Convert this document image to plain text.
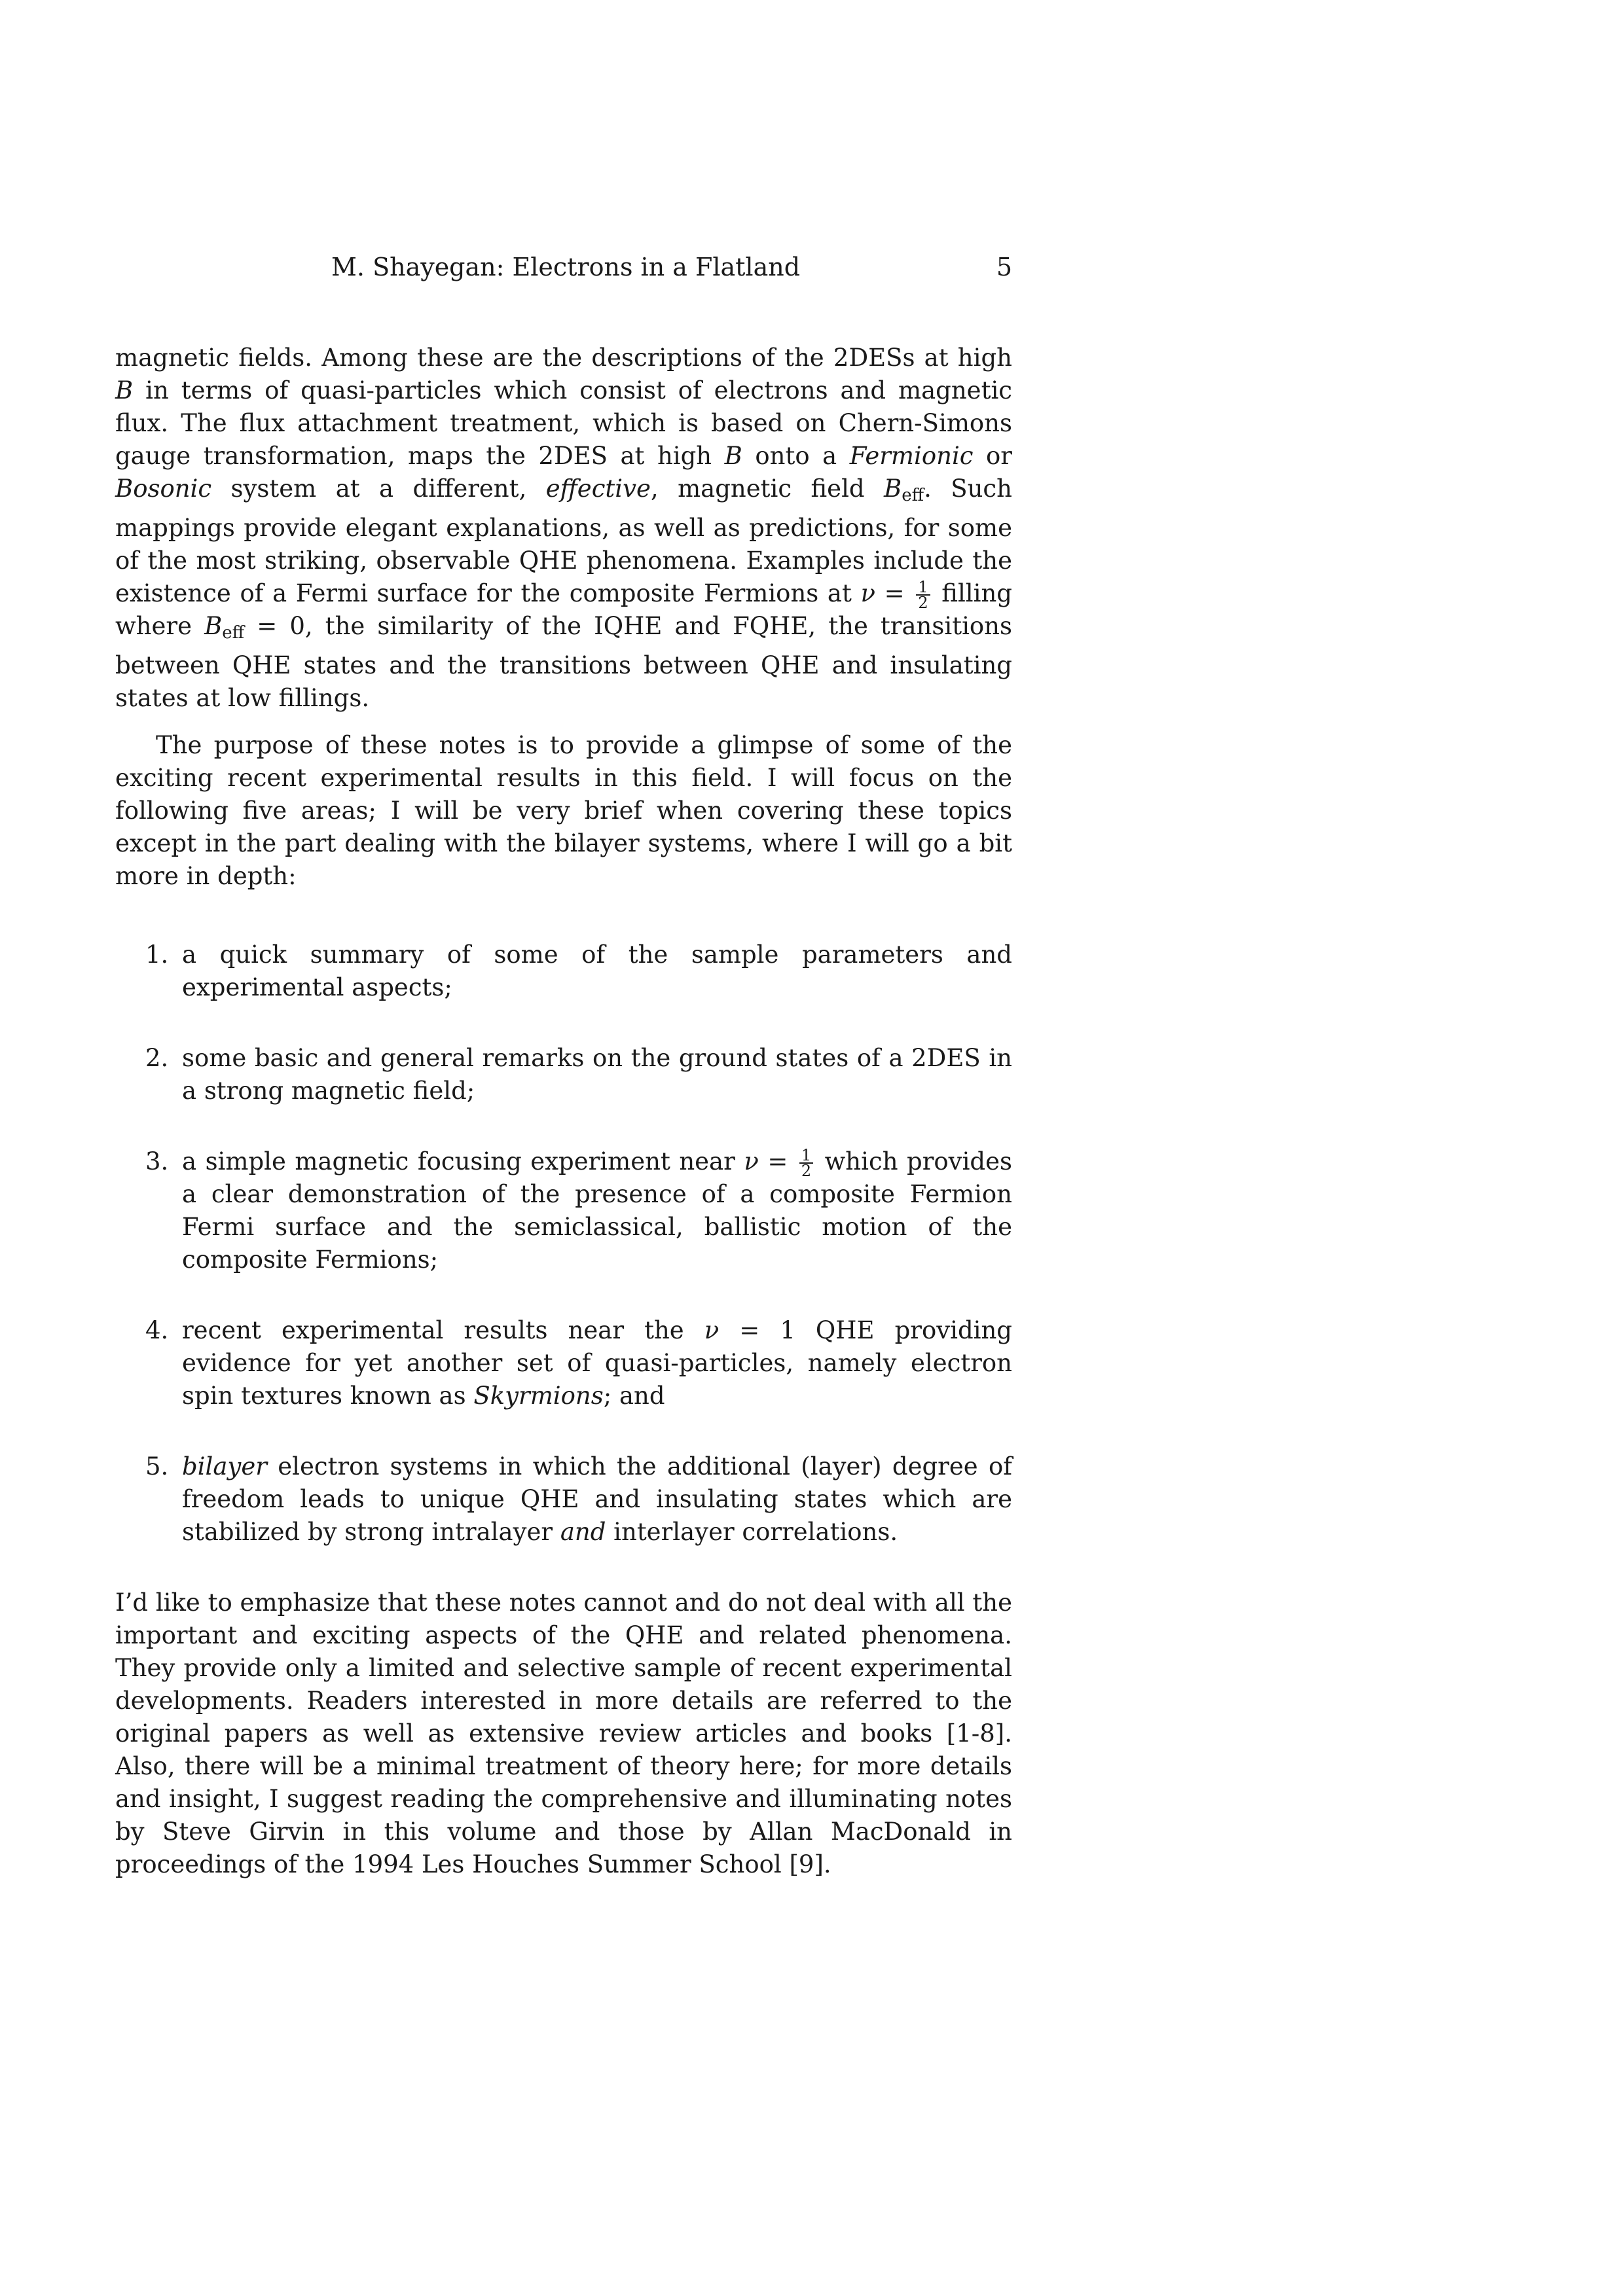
M. Shayegan: Electrons in a Flatland	5

magnetic fields. Among these are the descriptions of the 2DESs at high B in terms of quasi-particles which consist of electrons and magnetic flux. The flux attachment treatment, which is based on Chern-Simons gauge transformation, maps the 2DES at high B onto a Fermionic or Bosonic system at a different, effective, magnetic field $B_{eff}$. Such mappings provide elegant explanations, as well as predictions, for some of the most striking, observable QHE phenomena. Examples include the existence of a Fermi surface for the composite Fermions at $\nu = \frac{1}{2}$ filling where $B_{eff} = 0$, the similarity of the IQHE and FQHE, the transitions between QHE states and the transitions between QHE and insulating states at low fillings.

The purpose of these notes is to provide a glimpse of some of the exciting recent experimental results in this field. I will focus on the following five areas; I will be very brief when covering these topics except in the part dealing with the bilayer systems, where I will go a bit more in depth:

1. a quick summary of some of the sample parameters and experimental aspects;
2. some basic and general remarks on the ground states of a 2DES in a strong magnetic field;
3. a simple magnetic focusing experiment near $\nu = \frac{1}{2}$ which provides a clear demonstration of the presence of a composite Fermion Fermi surface and the semiclassical, ballistic motion of the composite Fermions;
4. recent experimental results near the ν = 1 QHE providing evidence for yet another set of quasi-particles, namely electron spin textures known as Skyrmions; and
5. bilayer electron systems in which the additional (layer) degree of freedom leads to unique QHE and insulating states which are stabilized by strong intralayer and interlayer correlations.

I’d like to emphasize that these notes cannot and do not deal with all the important and exciting aspects of the QHE and related phenomena. They provide only a limited and selective sample of recent experimental developments. Readers interested in more details are referred to the original papers as well as extensive review articles and books [1-8]. Also, there will be a minimal treatment of theory here; for more details and insight, I suggest reading the comprehensive and illuminating notes by Steve Girvin in this volume and those by Allan MacDonald in proceedings of the 1994 Les Houches Summer School [9].
